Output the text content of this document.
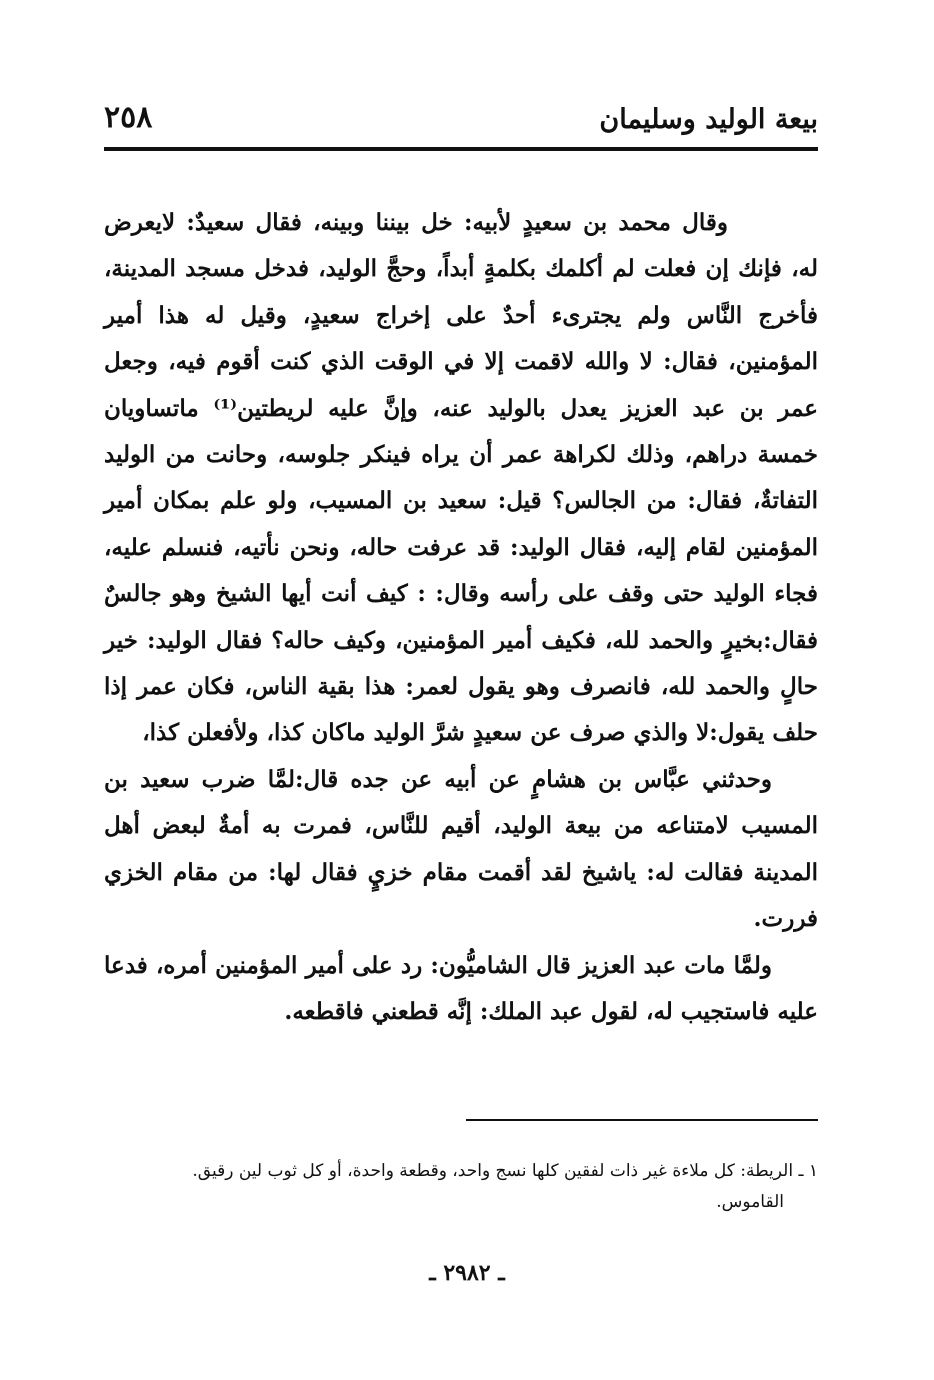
بيعة الوليد وسليمان
٢٥٨

وقال محمد بن سعيدٍ لأبيه: خل بيننا وبينه، فقال سعيدٌ: لايعرض له، فإنك إن فعلت لم أكلمك بكلمةٍ أبداً، وحجَّ الوليد، فدخل مسجد المدينة، فأخرج النَّاس ولم يجترىء أحدٌ على إخراج سعيدٍ، وقيل له هذا أمير المؤمنين، فقال: لا والله لاقمت إلا في الوقت الذي كنت أقوم فيه، وجعل عمر بن عبد العزيز يعدل بالوليد عنه، وإنَّ عليه لريطتين⁽¹⁾ ماتساويان خمسة دراهم، وذلك لكراهة عمر أن يراه فينكر جلوسه، وحانت من الوليد التفاتةٌ، فقال: من الجالس؟ قيل: سعيد بن المسيب، ولو علم بمكان أمير المؤمنين لقام إليه، فقال الوليد: قد عرفت حاله، ونحن نأتيه، فنسلم عليه، فجاء الوليد حتى وقف على رأسه وقال: : كيف أنت أيها الشيخ وهو جالسٌ فقال:بخيرٍ والحمد لله، فكيف أمير المؤمنين، وكيف حاله؟ فقال الوليد: خير حالٍ والحمد لله، فانصرف وهو يقول لعمر: هذا بقية الناس، فكان عمر إذا حلف يقول:لا والذي صرف عن سعيدٍ شرَّ الوليد ماكان كذا، ولأفعلن كذا،

وحدثني عبَّاس بن هشامٍ عن أبيه عن جده قال:لمَّا ضرب سعيد بن المسيب لامتناعه من بيعة الوليد، أقيم للنَّاس، فمرت به أمةٌ لبعض أهل المدينة فقالت له: ياشيخ لقد أقمت مقام خزيٍ فقال لها: من مقام الخزي فررت.

ولمَّا مات عبد العزيز قال الشاميُّون: رد على أمير المؤمنين أمره، فدعا عليه فاستجيب له، لقول عبد الملك: إنَّه قطعني فاقطعه.

١ ـ الريطة: كل ملاءة غير ذات لفقين كلها نسج واحد، وقطعة واحدة، أو كل ثوب لين رقيق.
القاموس.
ـ ٢٩٨٢ ـ
